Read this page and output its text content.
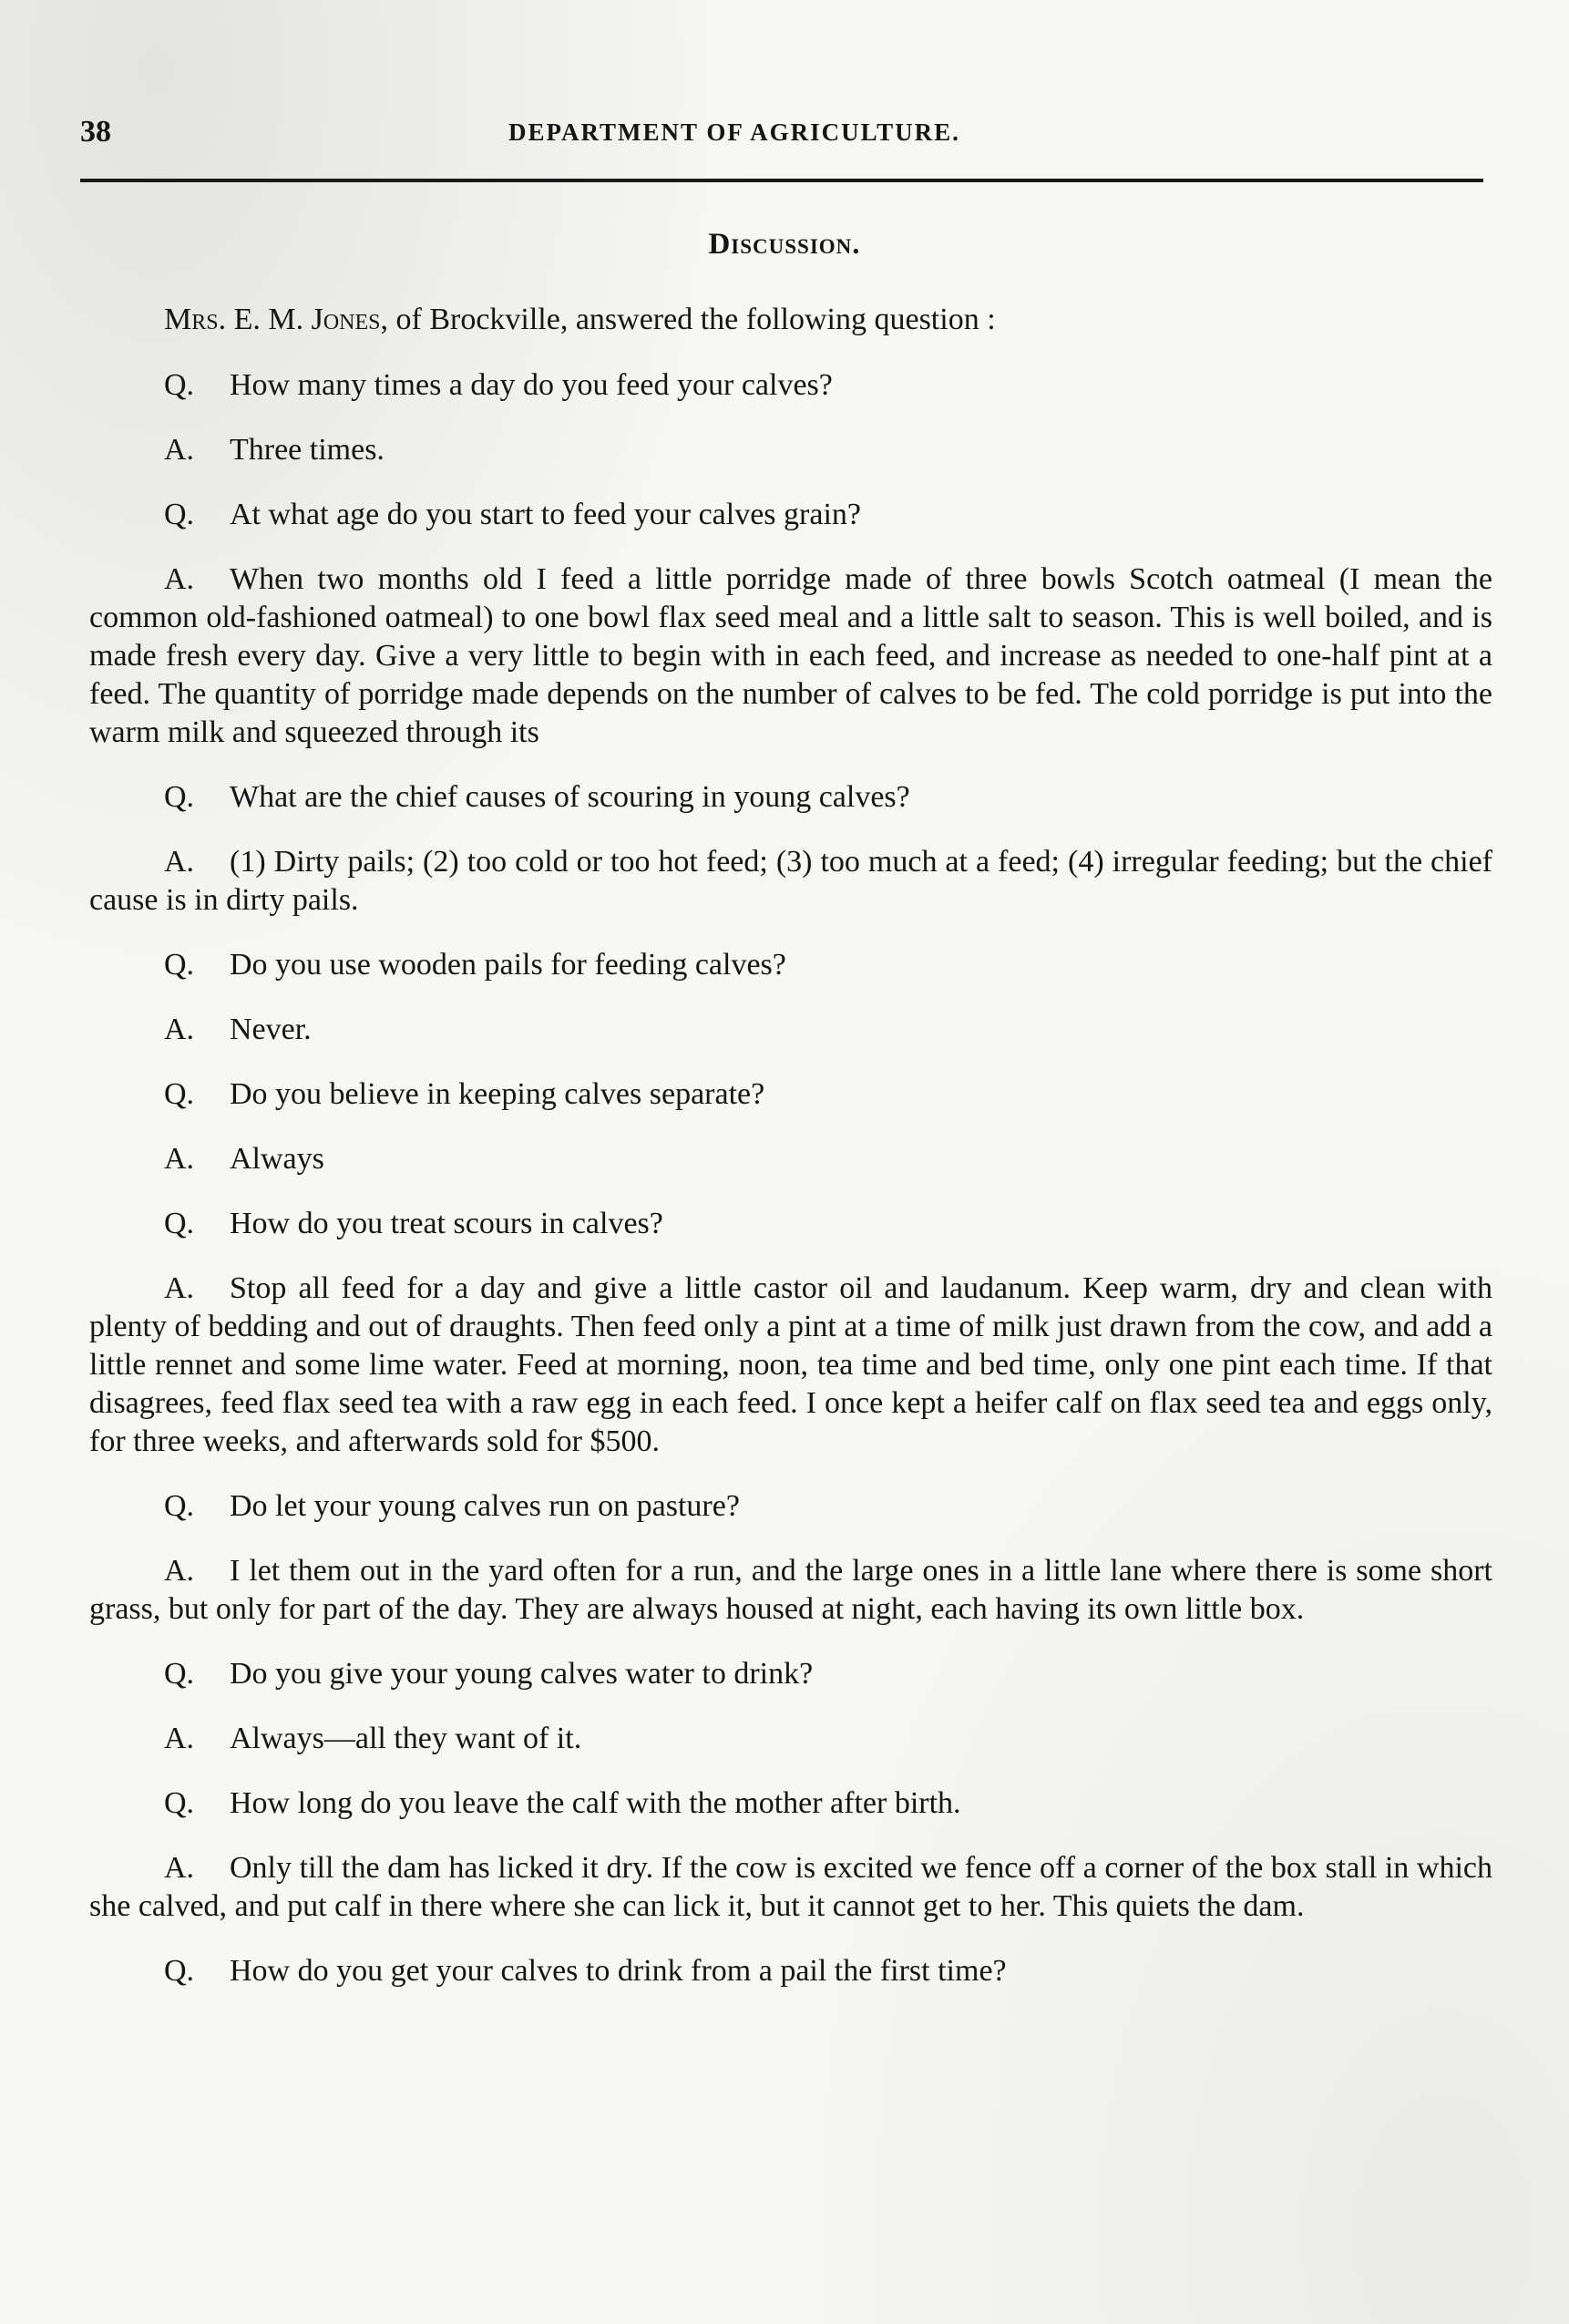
38	DEPARTMENT OF AGRICULTURE.
Discussion.

Mrs. E. M. Jones, of Brockville, answered the following question :

Q. How many times a day do you feed your calves?

A. Three times.

Q. At what age do you start to feed your calves grain?

A. When two months old I feed a little porridge made of three bowls Scotch oatmeal (I mean the common old-fashioned oatmeal) to one bowl flax seed meal and a little salt to season. This is well boiled, and is made fresh every day. Give a very little to begin with in each feed, and increase as needed to one-half pint at a feed. The quantity of porridge made depends on the number of calves to be fed. The cold porridge is put into the warm milk and squeezed through its

Q. What are the chief causes of scouring in young calves?

A. (1) Dirty pails; (2) too cold or too hot feed; (3) too much at a feed; (4) irregular feeding; but the chief cause is in dirty pails.

Q. Do you use wooden pails for feeding calves?

A. Never.

Q. Do you believe in keeping calves separate?

A. Always

Q. How do you treat scours in calves?

A. Stop all feed for a day and give a little castor oil and laudanum. Keep warm, dry and clean with plenty of bedding and out of draughts. Then feed only a pint at a time of milk just drawn from the cow, and add a little rennet and some lime water. Feed at morning, noon, tea time and bed time, only one pint each time. If that disagrees, feed flax seed tea with a raw egg in each feed. I once kept a heifer calf on flax seed tea and eggs only, for three weeks, and afterwards sold for $500.

Q. Do let your young calves run on pasture?

A. I let them out in the yard often for a run, and the large ones in a little lane where there is some short grass, but only for part of the day. They are always housed at night, each having its own little box.

Q. Do you give your young calves water to drink?

A. Always—all they want of it.

Q. How long do you leave the calf with the mother after birth.

A. Only till the dam has licked it dry. If the cow is excited we fence off a corner of the box stall in which she calved, and put calf in there where she can lick it, but it cannot get to her. This quiets the dam.

Q. How do you get your calves to drink from a pail the first time?
